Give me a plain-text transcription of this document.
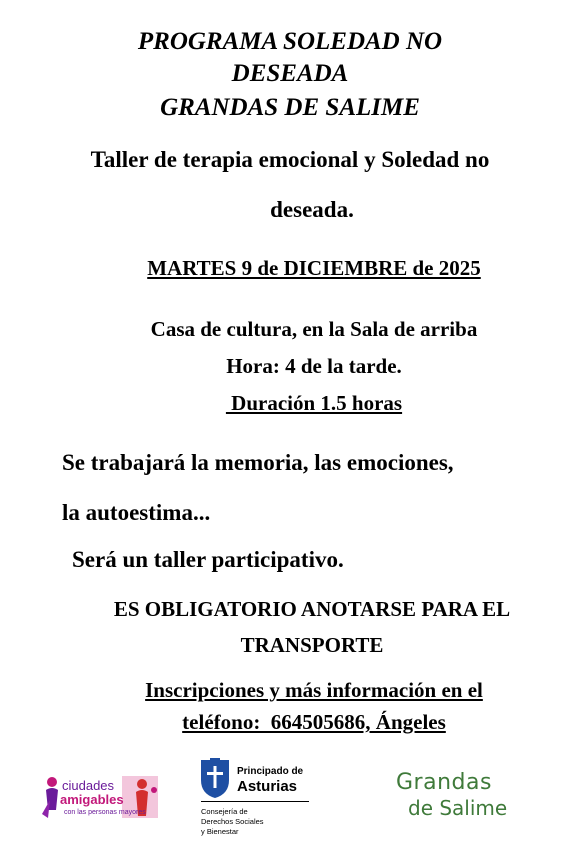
PROGRAMA SOLEDAD NO
DESEADA
GRANDAS DE SALIME
Taller de terapia emocional y Soledad no
deseada.
MARTES 9 de DICIEMBRE de 2025
Casa de cultura, en la Sala de arriba
Hora: 4 de la tarde.
Duración 1.5 horas
Se trabajará la memoria, las emociones,
la autoestima...
Será un taller participativo.
ES OBLIGATORIO ANOTARSE PARA EL
TRANSPORTE
Inscripciones y más información en el
teléfono:  664505686, Ángeles
ciudades
amigables
con las personas mayores
Principado de
Asturias
Consejería de
Derechos Sociales
y Bienestar
Grandas
de Salime
